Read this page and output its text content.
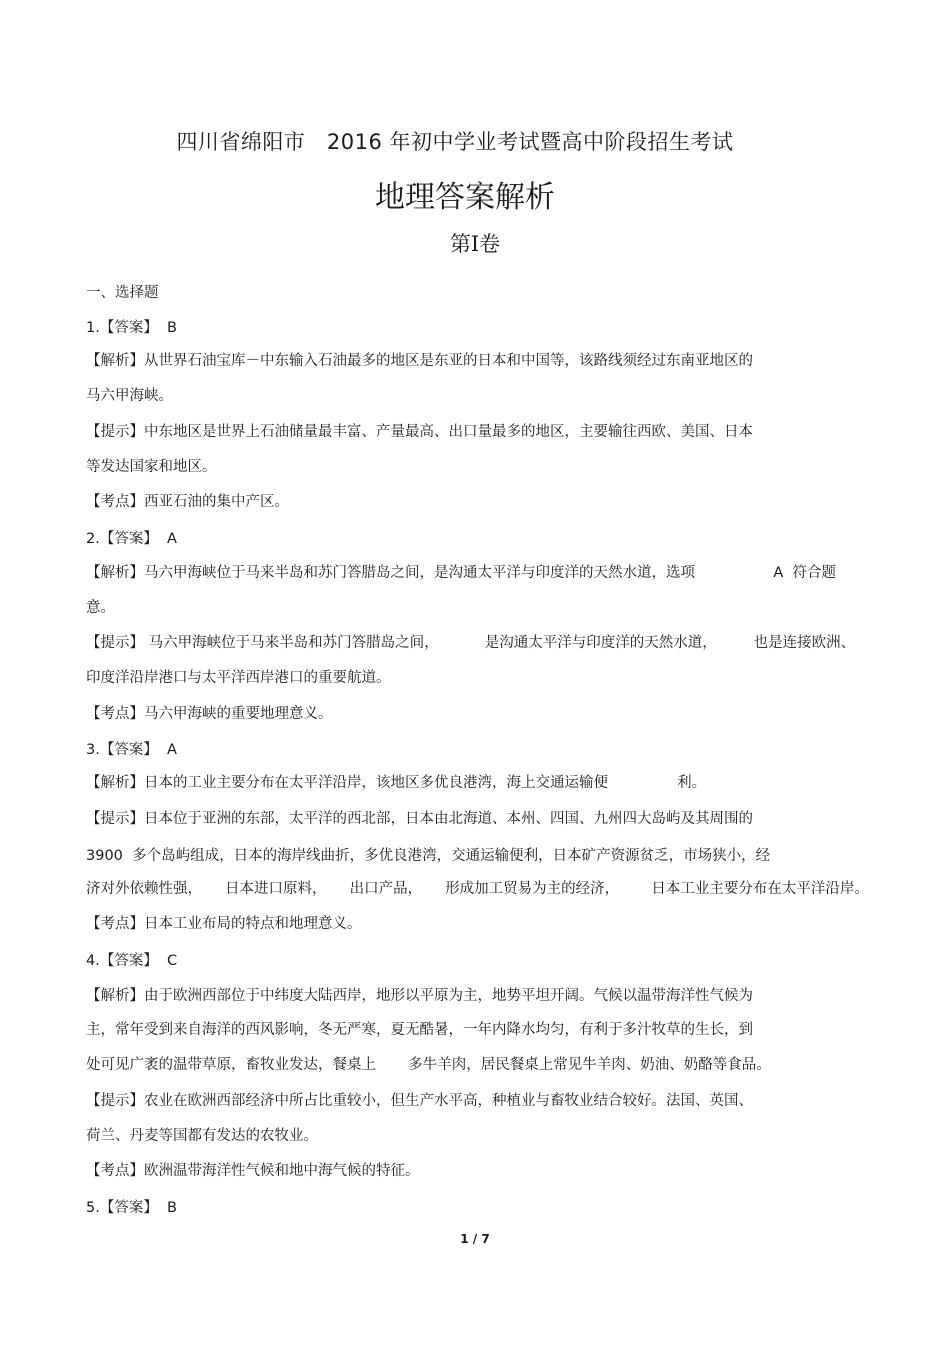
四川省绵阳市　2016 年初中学业考试暨高中阶段招生考试
地理答案解析
第Ⅰ卷
一、选择题
1.【答案】  B
【解析】从世界石油宝库－中东输入石油最多的地区是东亚的日本和中国等，该路线须经过东南亚地区的
马六甲海峡。
【提示】中东地区是世界上石油储量最丰富、产量最高、出口量最多的地区，主要输往西欧、美国、日本
等发达国家和地区。
【考点】西亚石油的集中产区。
2.【答案】  A
【解析】马六甲海峡位于马来半岛和苏门答腊岛之间，是沟通太平洋与印度洋的天然水道，选项                 A  符合题
意。
【提示】 马六甲海峡位于马来半岛和苏门答腊岛之间，          是沟通太平洋与印度洋的天然水道，        也是连接欧洲、
印度洋沿岸港口与太平洋西岸港口的重要航道。
【考点】马六甲海峡的重要地理意义。
3.【答案】  A
【解析】日本的工业主要分布在太平洋沿岸，该地区多优良港湾，海上交通运输便               利。
【提示】日本位于亚洲的东部，太平洋的西北部，日本由北海道、本州、四国、九州四大岛屿及其周围的
3900  多个岛屿组成，日本的海岸线曲折，多优良港湾，交通运输便利，日本矿产资源贫乏，市场狭小，经
济对外依赖性强，     日本进口原料，     出口产品，     形成加工贸易为主的经济，       日本工业主要分布在太平洋沿岸。
【考点】日本工业布局的特点和地理意义。
4.【答案】  C
【解析】由于欧洲西部位于中纬度大陆西岸，地形以平原为主，地势平坦开阔。气候以温带海洋性气候为
主，常年受到来自海洋的西风影响，冬无严寒，夏无酷暑，一年内降水均匀，有利于多汁牧草的生长，到
处可见广袤的温带草原，畜牧业发达，餐桌上       多牛羊肉，居民餐桌上常见牛羊肉、奶油、奶酪等食品。
【提示】农业在欧洲西部经济中所占比重较小，但生产水平高，种植业与畜牧业结合较好。法国、英国、
荷兰、丹麦等国都有发达的农牧业。
【考点】欧洲温带海洋性气候和地中海气候的特征。
5.【答案】  B
1 / 7
